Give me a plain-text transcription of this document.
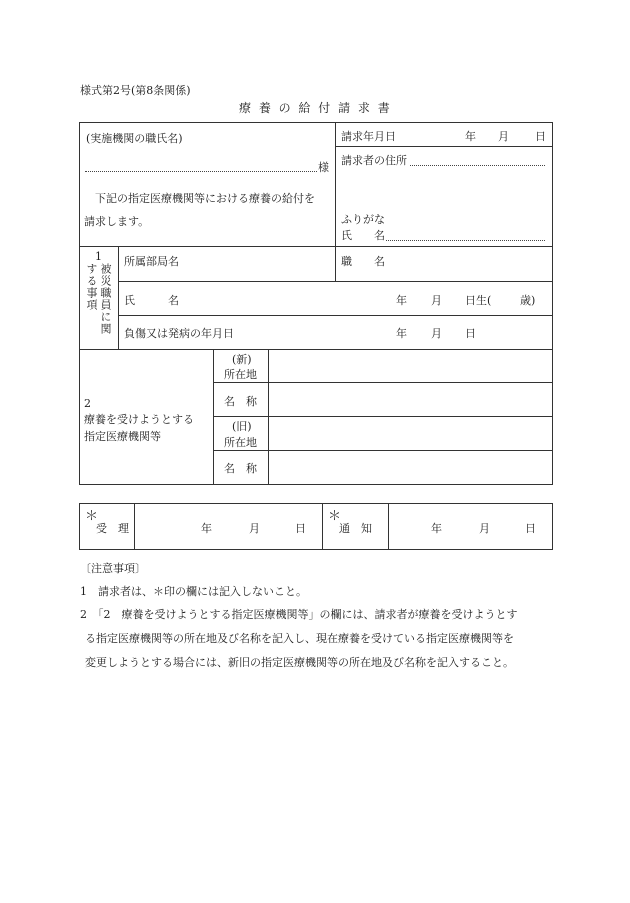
様式第2号(第8条関係)
療 養 の 給 付 請 求 書
(実施機関の職氏名)
様
下記の指定医療機関等における療養の給付を
請求します。
請求年月日	年 月 日
請求者の住所
ふりがな
氏　　名
1
被災職員に関する事項
所属部局名	職　　名
氏　　　名	年 月 日生(	歳)
負傷又は発病の年月日	年 月 日
2
療養を受けようとする
指定医療機関等
(新)
所在地
名　称
(旧)
所在地
名　称
＊
受　理	年	月	日
＊
通　知	年	月	日
〔注意事項〕
1　請求者は、＊印の欄には記入しないこと。
2　「2　療養を受けようとする指定医療機関等」の欄には、請求者が療養を受けようとす
る指定医療機関等の所在地及び名称を記入し、現在療養を受けている指定医療機関等を
変更しようとする場合には、新旧の指定医療機関等の所在地及び名称を記入すること。
